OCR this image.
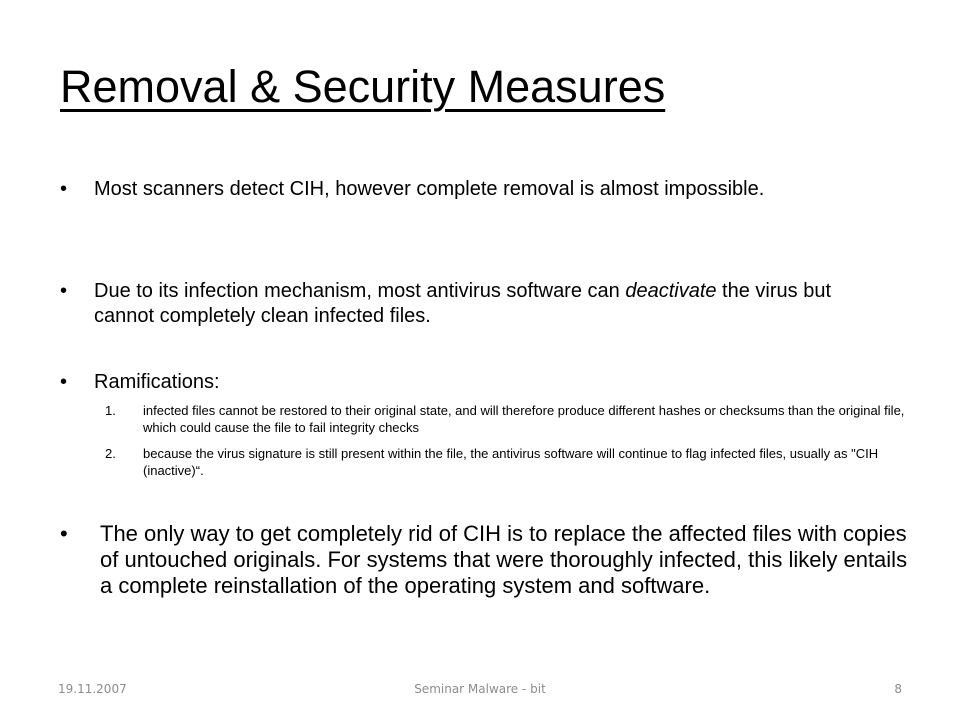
Removal & Security Measures
•	Most scanners detect CIH, however complete removal is almost impossible.
•	Due to its infection mechanism, most antivirus software can deactivate the virus but cannot completely clean infected files.
•	Ramifications:
1.	infected files cannot be restored to their original state, and will therefore produce different hashes or checksums than the original file, which could cause the file to fail integrity checks
2.	because the virus signature is still present within the file, the antivirus software will continue to flag infected files, usually as "CIH (inactive)“.
•	The only way to get completely rid of CIH is to replace the affected files with copies of untouched originals. For systems that were thoroughly infected, this likely entails a complete reinstallation of the operating system and software.
19.11.2007	Seminar Malware - bit	8
